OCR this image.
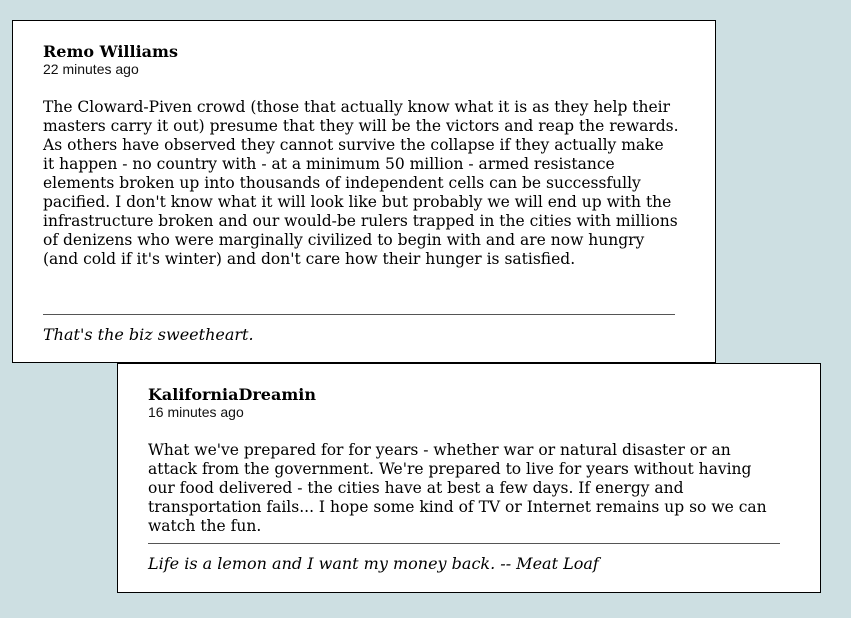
Remo Williams
22 minutes ago

The Cloward-Piven crowd (those that actually know what it is as they help their masters carry it out) presume that they will be the victors and reap the rewards. As others have observed they cannot survive the collapse if they actually make it happen - no country with - at a minimum 50 million - armed resistance elements broken up into thousands of independent cells can be successfully pacified. I don't know what it will look like but probably we will end up with the infrastructure broken and our would-be rulers trapped in the cities with millions of denizens who were marginally civilized to begin with and are now hungry (and cold if it's winter) and don't care how their hunger is satisfied.

That's the biz sweetheart.
KaliforniaDreamin
16 minutes ago

What we've prepared for for years - whether war or natural disaster or an attack from the government. We're prepared to live for years without having our food delivered - the cities have at best a few days. If energy and transportation fails... I hope some kind of TV or Internet remains up so we can watch the fun.

Life is a lemon and I want my money back. -- Meat Loaf
